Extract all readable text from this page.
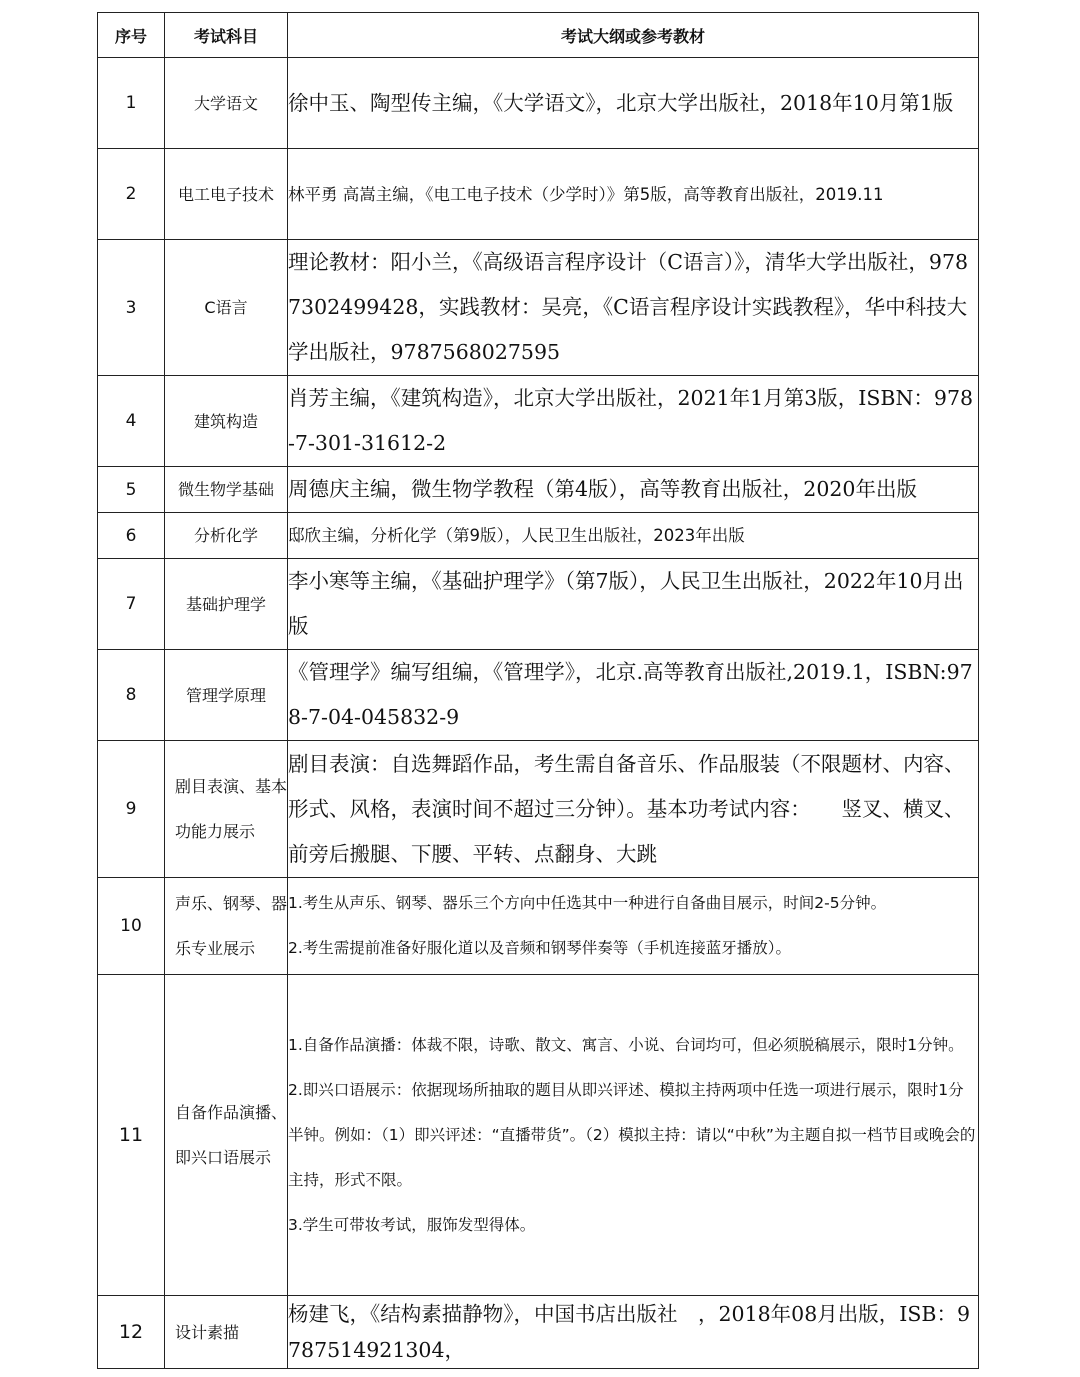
序号	考试科目	考试大纲或参考教材
1	大学语文	徐中玉、陶型传主编，《大学语文》，北京大学出版社，2018年10月第1版
2	电工电子技术	林平勇 高嵩主编，《电工电子技术（少学时）》第5版，高等教育出版社，2019.11
3	C语言	理论教材：阳小兰，《高级语言程序设计（C语言）》，清华大学出版社，9787302499428，实践教材：吴亮，《C语言程序设计实践教程》，华中科技大学出版社，9787568027595
4	建筑构造	肖芳主编，《建筑构造》，北京大学出版社，2021年1月第3版，ISBN：978-7-301-31612-2
5	微生物学基础	周德庆主编，微生物学教程（第4版），高等教育出版社，2020年出版
6	分析化学	邸欣主编，分析化学（第9版），人民卫生出版社，2023年出版
7	基础护理学	李小寒等主编，《基础护理学》（第7版），人民卫生出版社，2022年10月出版
8	管理学原理	《管理学》编写组编，《管理学》，北京.高等教育出版社,2019.1，ISBN:978-7-04-045832-9
9	剧目表演、基本功能力展示	剧目表演：自选舞蹈作品，考生需自备音乐、作品服装（不限题材、内容、形式、风格，表演时间不超过三分钟）。基本功考试内容：　　竖叉、横叉、前旁后搬腿、下腰、平转、点翻身、大跳
10	声乐、钢琴、器乐专业展示	1.考生从声乐、钢琴、器乐三个方向中任选其中一种进行自备曲目展示，时间2-5分钟。
2.考生需提前准备好服化道以及音频和钢琴伴奏等（手机连接蓝牙播放）。

11	自备作品演播、即兴口语展示	1.自备作品演播：体裁不限，诗歌、散文、寓言、小说、台词均可，但必须脱稿展示，限时1分钟。
2.即兴口语展示：依据现场所抽取的题目从即兴评述、模拟主持两项中任选一项进行展示，限时1分半钟。例如：（1）即兴评述：“直播带货”。（2）模拟主持：请以“中秋”为主题自拟一档节目或晚会的主持，形式不限。
3.学生可带妆考试，服饰发型得体。

12	设计素描	杨建飞，《结构素描静物》，中国书店出版社　，2018年08月出版，ISB：9787514921304，
